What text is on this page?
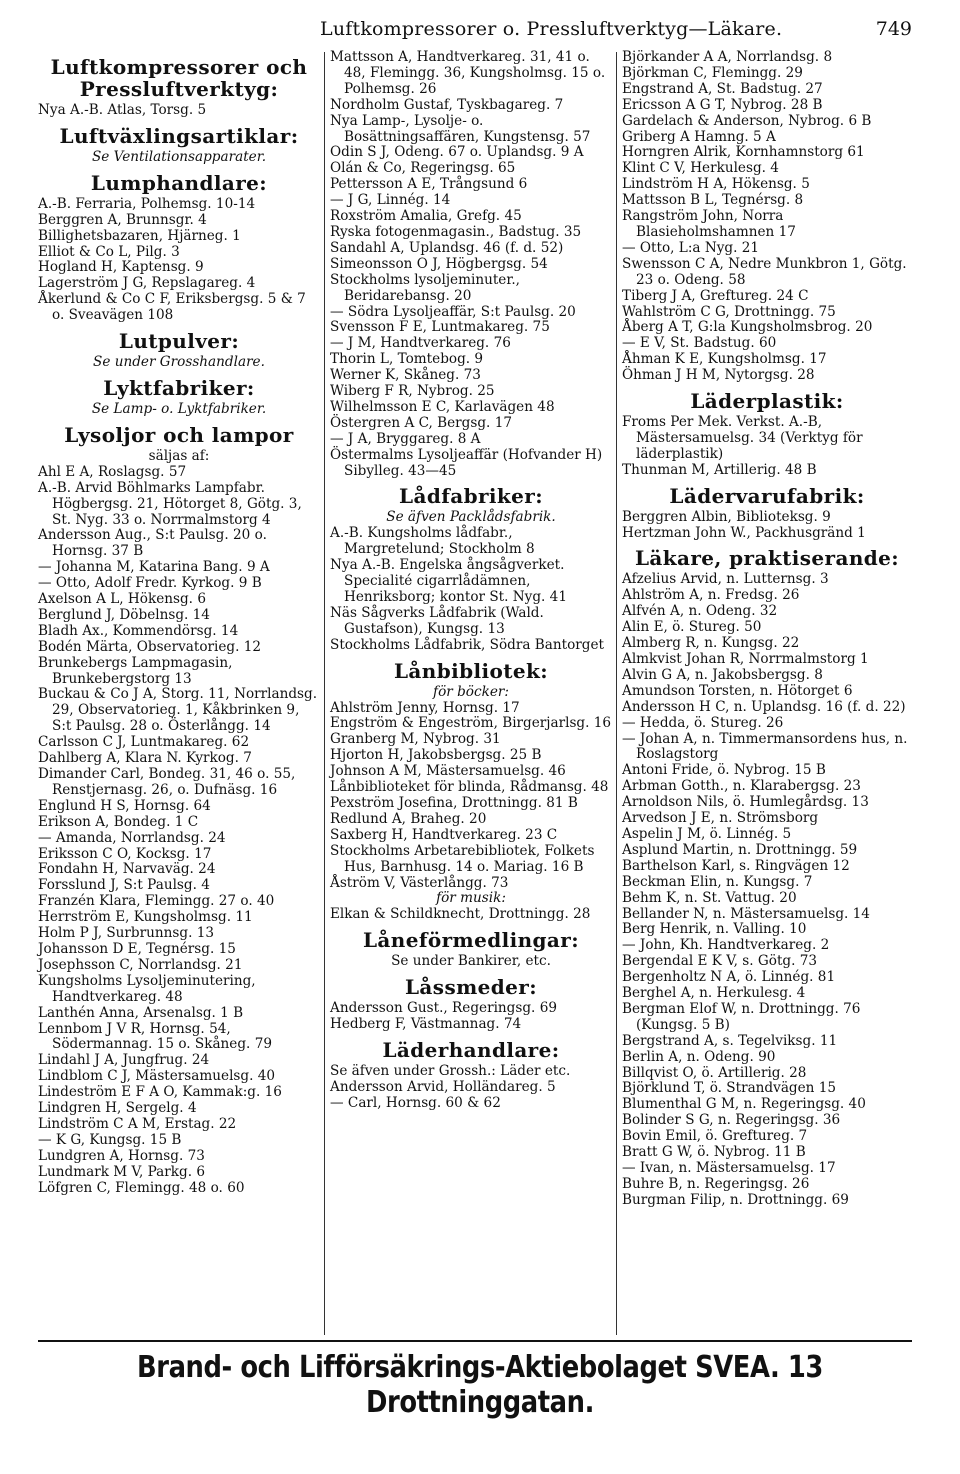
Luftkompressorer o. Pressluftverktyg—Läkare.	749
Luftkompressorer och
Pressluftverktyg:
Nya A.-B. Atlas, Torsg. 5
Luftväxlingsartiklar:
Se Ventilationsapparater.
Lumphandlare:
A.-B. Ferraria, Polhemsg. 10-14
Berggren A, Brunnsgr. 4
Billighetsbazaren, Hjärneg. 1
Elliot & Co L, Pilg. 3
Hogland H, Kaptensg. 9
Lagerström J G, Repslagareg. 4
Åkerlund & Co C F, Eriksbergsg. 5 & 7 o. Sveavägen 108
Lutpulver:
Se under Grosshandlare.
Lyktfabriker:
Se Lamp- o. Lyktfabriker.
Lysoljor och lampor
säljas af:
Ahl E A, Roslagsg. 57
A.-B. Arvid Böhlmarks Lampfabr. Högbergsg. 21, Hötorget 8, Götg. 3, St. Nyg. 33 o. Norrmalmstorg 4
Andersson Aug., S:t Paulsg. 20 o. Hornsg. 37 B
— Johanna M, Katarina Bang. 9 A
— Otto, Adolf Fredr. Kyrkog. 9 B
Axelson A L, Hökensg. 6
Berglund J, Döbelnsg. 14
Bladh Ax., Kommendörsg. 14
Bodén Märta, Observatorieg. 12
Brunkebergs Lampmagasin, Brunkebergstorg 13
Buckau & Co J A, Storg. 11, Norrlandsg. 29, Observatorieg. 1, Kåkbrinken 9, S:t Paulsg. 28 o. Österlångg. 14
Carlsson C J, Luntmakareg. 62
Dahlberg A, Klara N. Kyrkog. 7
Dimander Carl, Bondeg. 31, 46 o. 55, Renstjernasg. 26, o. Dufnäsg. 16
Englund H S, Hornsg. 64
Erikson A, Bondeg. 1 C
— Amanda, Norrlandsg. 24
Eriksson C O, Kocksg. 17
Fondahn H, Narvaväg. 24
Forsslund J, S:t Paulsg. 4
Franzén Klara, Flemingg. 27 o. 40
Herrström E, Kungsholmsg. 11
Holm P J, Surbrunnsg. 13
Johansson D E, Tegnérsg. 15
Josephsson C, Norrlandsg. 21
Kungsholms Lysoljeminutering, Handtverkareg. 48
Lanthén Anna, Arsenalsg. 1 B
Lennbom J V R, Hornsg. 54, Södermannag. 15 o. Skåneg. 79
Lindahl J A, Jungfrug. 24
Lindblom C J, Mästersamuelsg. 40
Lindeström E F A O, Kammak:g. 16
Lindgren H, Sergelg. 4
Lindström C A M, Erstag. 22
— K G, Kungsg. 15 B
Lundgren A, Hornsg. 73
Lundmark M V, Parkg. 6
Löfgren C, Flemingg. 48 o. 60
Mattsson A, Handtverkareg. 31, 41 o. 48, Flemingg. 36, Kungsholmsg. 15 o. Polhemsg. 26
Nordholm Gustaf, Tyskbagareg. 7
Nya Lamp-, Lysolje- o. Bosättningsaffären, Kungstensg. 57
Odin S J, Odeng. 67 o. Uplandsg. 9 A
Olán & Co, Regeringsg. 65
Pettersson A E, Trångsund 6
— J G, Linnég. 14
Roxström Amalia, Grefg. 45
Ryska fotogenmagasin., Badstug. 35
Sandahl A, Uplandsg. 46 (f. d. 52)
Simeonsson O J, Högbergsg. 54
Stockholms lysoljeminuter., Beridarebansg. 20
— Södra Lysoljeaffär, S:t Paulsg. 20
Svensson F E, Luntmakareg. 75
— J M, Handtverkareg. 76
Thorin L, Tomtebog. 9
Werner K, Skåneg. 73
Wiberg F R, Nybrog. 25
Wilhelmsson E C, Karlavägen 48
Östergren A C, Bergsg. 17
— J A, Bryggareg. 8 A
Östermalms Lysoljeaffär (Hofvander H) Sibylleg. 43—45
Lådfabriker:
Se äfven Packlådsfabrik.
A.-B. Kungsholms lådfabr., Margretelund; Stockholm 8
Nya A.-B. Engelska ångsågverket. Specialité cigarrlådämnen, Henriksborg; kontor St. Nyg. 41
Näs Sågverks Lådfabrik (Wald. Gustafson), Kungsg. 13
Stockholms Lådfabrik, Södra Bantorget
Lånbibliotek:
för böcker:
Ahlström Jenny, Hornsg. 17
Engström & Engeström, Birgerjarlsg. 16
Granberg M, Nybrog. 31
Hjorton H, Jakobsbergsg. 25 B
Johnson A M, Mästersamuelsg. 46
Lånbiblioteket för blinda, Rådmansg. 48
Pexström Josefina, Drottningg. 81 B
Redlund A, Braheg. 20
Saxberg H, Handtverkareg. 23 C
Stockholms Arbetarebibliotek, Folkets Hus, Barnhusg. 14 o. Mariag. 16 B
Åström V, Västerlångg. 73
för musik:
Elkan & Schildknecht, Drottningg. 28
Låneförmedlingar:
Se under Bankirer, etc.
Låssmeder:
Andersson Gust., Regeringsg. 69
Hedberg F, Västmannag. 74
Läderhandlare:
Se äfven under Grossh.: Läder etc.
Andersson Arvid, Holländareg. 5
— Carl, Hornsg. 60 & 62
Björkander A A, Norrlandsg. 8
Björkman C, Flemingg. 29
Engstrand A, St. Badstug. 27
Ericsson A G T, Nybrog. 28 B
Gardelach & Anderson, Nybrog. 6 B
Griberg A Hamng. 5 A
Horngren Alrik, Kornhamnstorg 61
Klint C V, Herkulesg. 4
Lindström H A, Hökensg. 5
Mattsson B L, Tegnérsg. 8
Rangström John, Norra Blasieholmshamnen 17
— Otto, L:a Nyg. 21
Swensson C A, Nedre Munkbron 1, Götg. 23 o. Odeng. 58
Tiberg J A, Greftureg. 24 C
Wahlström C G, Drottningg. 75
Åberg A T, G:la Kungsholmsbrog. 20
— E V, St. Badstug. 60
Åhman K E, Kungsholmsg. 17
Öhman J H M, Nytorgsg. 28
Läderplastik:
Froms Per Mek. Verkst. A.-B, Mästersamuelsg. 34 (Verktyg för läderplastik)
Thunman M, Artillerig. 48 B
Lädervarufabrik:
Berggren Albin, Biblioteksg. 9
Hertzman John W., Packhusgränd 1
Läkare, praktiserande:
Afzelius Arvid, n. Lutternsg. 3
Ahlström A, n. Fredsg. 26
Alfvén A, n. Odeng. 32
Alin E, ö. Stureg. 50
Almberg R, n. Kungsg. 22
Almkvist Johan R, Norrmalmstorg 1
Alvin G A, n. Jakobsbergsg. 8
Amundson Torsten, n. Hötorget 6
Andersson H C, n. Uplandsg. 16 (f. d. 22)
— Hedda, ö. Stureg. 26
— Johan A, n. Timmermansordens hus, n. Roslagstorg
Antoni Fride, ö. Nybrog. 15 B
Arbman Gotth., n. Klarabergsg. 23
Arnoldson Nils, ö. Humlegårdsg. 13
Arvedson J E, n. Strömsborg
Aspelin J M, ö. Linnég. 5
Asplund Martin, n. Drottningg. 59
Barthelson Karl, s. Ringvägen 12
Beckman Elin, n. Kungsg. 7
Behm K, n. St. Vattug. 20
Bellander N, n. Mästersamuelsg. 14
Berg Henrik, n. Valling. 10
— John, Kh. Handtverkareg. 2
Bergendal E K V, s. Götg. 73
Bergenholtz N A, ö. Linnég. 81
Berghel A, n. Herkulesg. 4
Bergman Elof W, n. Drottningg. 76 (Kungsg. 5 B)
Bergstrand A, s. Tegelviksg. 11
Berlin A, n. Odeng. 90
Billqvist O, ö. Artillerig. 28
Björklund T, ö. Strandvägen 15
Blumenthal G M, n. Regeringsg. 40
Bolinder S G, n. Regeringsg. 36
Bovin Emil, ö. Greftureg. 7
Bratt G W, ö. Nybrog. 11 B
— Ivan, n. Mästersamuelsg. 17
Buhre B, n. Regeringsg. 26
Burgman Filip, n. Drottningg. 69
Brand- och Lifförsäkrings-Aktiebolaget SVEA. 13 Drottninggatan.
